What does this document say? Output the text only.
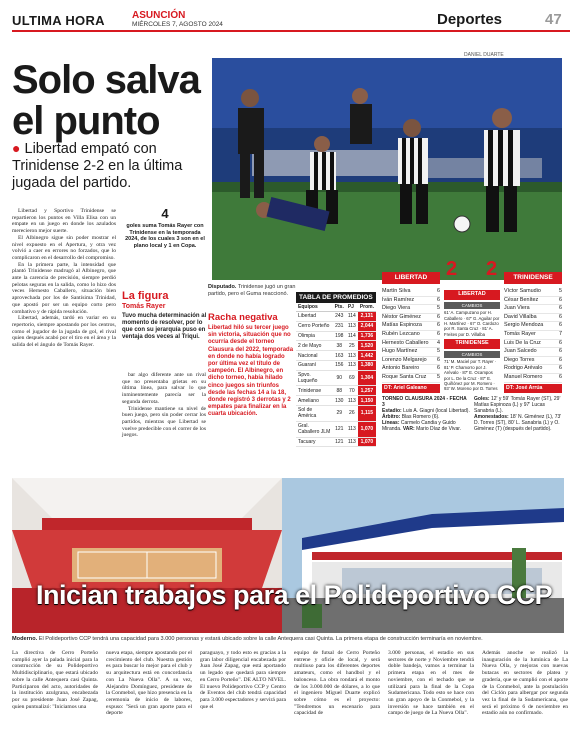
ULTIMA HORA	ASUNCIÓN
MIÉRCOLES 7, AGOSTO 2024	Deportes	47
Solo salva el punto
● Libertad empató con Trinidense 2-2 en la última jugada del partido.
DANIEL DUARTE

Libertad y Sportivo Trinidense se repartieron los puntos en Villa Elisa con un empate en un juego en donde los azulados merecieron mejor suerte.

El Albinegro sigue sin poder mostrar el nivel expuesto en el Apertura, y otra vez volvió a caer en errores no forzados, que lo complicaron en el desarrollo del compromiso.

En la primera parte, la intensidad que plantó Trinidense madrugó al Albinegro, que ante la carencia de precisión, siempre perdió pelotas seguras en la salida, como lo hizo dos veces Hernesto Caballero, situación bien aprovechada por los de Santísima Trinidad, que apostó por ser un equipo corto pero combativo y de rápida resolución.

Libertad, además, tardó en variar en su repertorio, siempre apostando por los centros, como el jugador de la jugada de gol, el rival quien después acabó por el tiro en el área y la salida del el ángulo de Tomás Rayer.

4
goles suma Tomás Rayer con Trinidense en la temporada 2024, de los cuales 3 son en el plano local y 1 en Copa.
La figura
Tomás Rayer
Tuvo mucha determinación al momento de resolver, por lo que con su jerarquía puso en ventaja dos veces al Triqui.

bar algo diferente ante un rival que no presentaba grietas en su última línea, para salvar lo que inminentemente parecía ser la segunda derrota.

Trinidense mantiene su nivel de buen juego, pero sin poder cerrar los partidos, mientras que Libertad se vuelve predecible con el correr de los juegos.

Disputado. Trinidense jugó un gran partido, pero el Guma reaccionó.
Racha negativa
Libertad hiló su tercer juego sin victoria, situación que no ocurría desde el torneo Clausura del 2022, temporada en donde no había logrado por última vez el título de campeón. El Albinegro, en dicho torneo, había hilado cinco juegos sin triunfos desde las fechas 14 a la 18, donde registró 3 derrotas y 2 empates para finalizar en la cuarta ubicación.
TABLA DE PROMEDIOS
Equipos	Pts.	PJ	Prom.
Libertad	243	114	2,131
Cerro Porteño	231	113	2,044
Olimpia	198	114	1,736
2 de Mayo	38	25	1,520
Nacional	163	113	1,442
Guaraní	156	113	1,380
Spvo. Luqueño	90	69	1,304
Trinidense	88	70	1,257
Ameliano	130	113	1,150
Sol de América	29	26	1,115
Gral. Caballero JLM	121	113	1,070
Tacuary	121	113	1,070
2 2
LIBERTAD	TRINIDENSE
Martín Silva	6
Iván Ramírez	6
Diego Viera	5
Néstor Giménez	6
Matías Espinoza	6
Rubén Lezcano	6
Hernesto Caballero 4
Hugo Martínez	5
Lorenzo Melgarejo 6
Antonio Bareiro	6
Roque Santa Cruz 5
DT: Ariel Galeano
LIBERTAD
CAMBIOS
61' A. Campuzano por H. Caballero · 67' G. Aguilar por H. Martínez · 67' O. Cardozo por R. Santa Cruz · 81' A. Freites por D. Villalba
TRINIDENSE
CAMBIOS
71' M. Maciel por T. Rayer · 81' P. Chamorro por J. Arévalo · 87' E. Ocampos por L. De la Cruz · 87' E. Quiñónez por M. Romero · 93' W. Moreno por D. Torres
Víctor Samudio	5
César Benítez	6
Juan Viera	6
David Villalba	6
Sergio Mendoza	6
Tomás Rayer	7
Luis De la Cruz	6
Juan Salcedo	6
Diego Torres	6
Rodrigo Arévalo	6
Manuel Romero	6
DT: José Arrúa
TORNEO CLAUSURA 2024 - FECHA 3
Estadio: Luis A. Giagni (local Libertad).
Árbitro: Blas Romero (6).
Líneas: Carmelo Candia y Guido Miranda. VAR: Mario Díaz de Vivar.
Goles: 12' y 59' Tomás Rayer (ST), 29' Matías Espinoza (L) y 97' Lucas Sanabria (L).
Amonestados: 18' N. Giménez (L), 73' D. Torres (ST), 80' L. Sanabria (L) y O. Giménez (T) (después del partido).
Inician trabajos para el Polideportivo CCP
Moderno. El Polideportivo CCP tendrá una capacidad para 3.000 personas y estará ubicado sobre la calle Antequera casi Quinta. La primera etapa de construcción terminaría en noviembre.
La directiva de Cerro Porteño cumplió ayer la palada inicial para la construcción de su Polideportivo Multidisciplinario, que estará ubicado sobre la calle Antequera casi Quinta. Participaron del acto, autoridades de la institución azulgrana, encabezada por su presidente Juan José Zapag, quien puntualizó: "Iniciamos una
nueva etapa, siempre apostando por el crecimiento del club. Nuestra gestión es para buscar lo mejor para el club y su arquitectura está en concordancia con La Nueva Olla". A su vez, Alejandro Domínguez, presidente de la Conmebol, que hizo presencia en la ceremonia de inicio de labores, expuso: "Será un gran aporte para el deporte
paraguayo, y todo esto es gracias a la gran labor diligencial encabezada por Juan José Zapag, que está aportando un legado que quedará para siempre en Cerro Porteño". DE ALTO NIVEL. El nuevo Polideportivo CCP y Centro de Eventos del club tendrá capacidad para 3.000 espectadores y servirá para que el
equipo de futsal de Cerro Porteño entrene y oficie de local, y será multiuso para los diferentes deportes amateurs, como el handbol y el balonceso. La obra rondará el monto de los 3.000.000 de dólares, a lo que el ingeniero Miguel Duarte explicó sobre cómo es el proyecto: "Tendremos un escenario para capacidad de
3.000 personas, el estadio en sus sectores de norte y Noviembre tendrá doble bandeja, vamos a terminar la primera etapa en el mes de noviembre, con el techado que se utilizará para la final de la Copa Sudamericana. Todo esto se hace con un gran apoyo de la Conmebol, y la inversión se hace también en el campo de juego de La Nueva Olla".
Además anoche se realizó la inauguración de la luminica de La Nueva Olla, y mejoras con nuevas butacas en sectores de platea y gradería, que se cumplió con el aporte de la Conmebol, ante la postulación del Ciclón para albergar por segunda vez la final de la Sudamericana, que será el próximo 6 de noviembre en estadio aún no confirmado.
